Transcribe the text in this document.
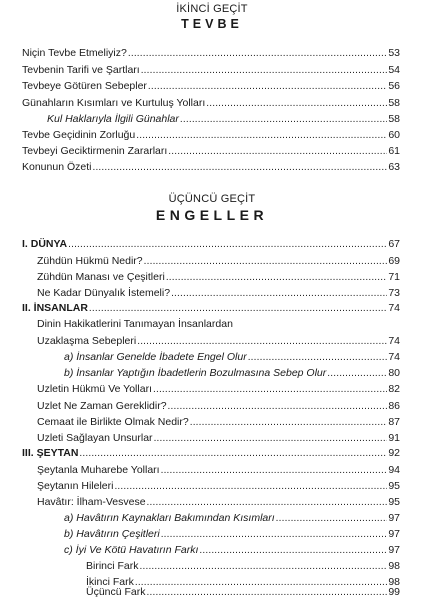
İKİNCİ GEÇİT
TEVBE
Niçin Tevbe Etmeliyiz? .....	53
Tevbenin Tarifi ve Şartları .....	54
Tevbeye Götüren Sebepler .....	56
Günahların Kısımları ve Kurtuluş Yolları .....	58
Kul Haklarıyla İlgili Günahlar .....	58
Tevbe Geçidinin Zorluğu .....	60
Tevbeyi Geciktirmenin Zararları .....	61
Konunun Özeti .....	63
ÜÇÜNCÜ GEÇİT
ENGELLER
I. DÜNYA .....	67
Zühdün Hükmü Nedir? .....	69
Zühdün Manası ve Çeşitleri .....	71
Ne Kadar Dünyalık İstemeli? .....	73
II. İNSANLAR .....	74
Dinin Hakikatlerini Tanımayan İnsanlardan
Uzaklaşma Sebepleri .....	74
a) İnsanlar Genelde İbadete Engel Olur .....	74
b) İnsanlar Yaptığın İbadetlerin Bozulmasına Sebep Olur .....	80
Uzletin Hükmü Ve Yolları .....	82
Uzlet Ne Zaman Gereklidir? .....	86
Cemaat ile Birlikte Olmak Nedir? .....	87
Uzleti Sağlayan Unsurlar .....	91
III. ŞEYTAN .....	92
Şeytanla Muharebe Yolları .....	94
Şeytanın Hileleri .....	95
Havâtır: İlham-Vesvese .....	95
a) Havâtırın Kaynakları Bakımından Kısımları .....	97
b) Havâtırın Çeşitleri .....	97
c) İyi Ve Kötü Havatırın Farkı .....	97
Birinci Fark .....	98
İkinci Fark .....	98
Üçüncü Fark .....	99
